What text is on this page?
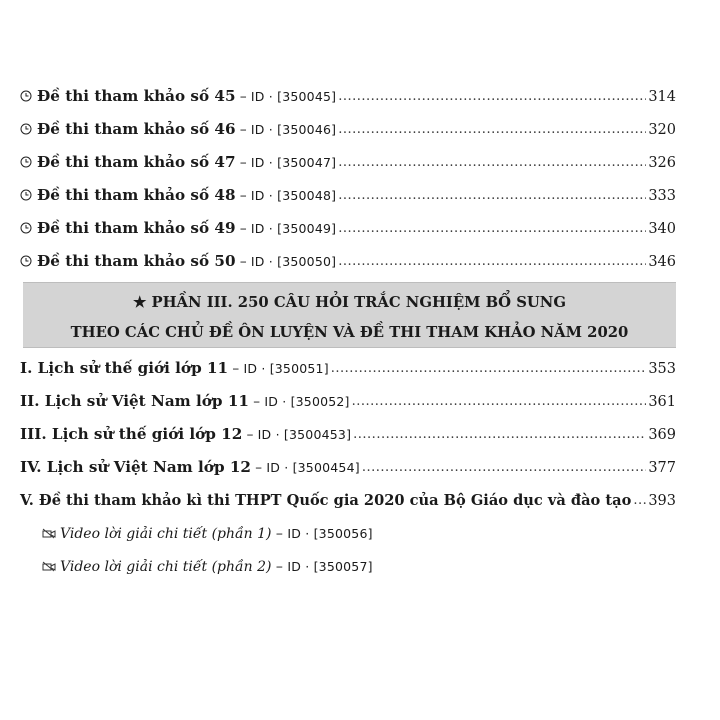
Đề thi tham khảo số 45 – ID · [350045] .....	314
Đề thi tham khảo số 46 – ID · [350046] .....	320
Đề thi tham khảo số 47 – ID · [350047] .....	326
Đề thi tham khảo số 48 – ID · [350048] .....	333
Đề thi tham khảo số 49 – ID · [350049] .....	340
Đề thi tham khảo số 50 – ID · [350050] .....	346
★ PHẦN III. 250 CÂU HỎI TRẮC NGHIỆM BỔ SUNG
THEO CÁC CHỦ ĐỀ ÔN LUYỆN VÀ ĐỀ THI THAM KHẢO NĂM 2020
I. Lịch sử thế giới lớp 11 – ID · [350051] .....	353
II. Lịch sử Việt Nam lớp 11 – ID · [350052] .....	361
III. Lịch sử thế giới lớp 12 – ID · [3500453] .....	369
IV. Lịch sử Việt Nam lớp 12 – ID · [3500454] .....	377
V. Đề thi tham khảo kì thi THPT Quốc gia 2020 của Bộ Giáo dục và đào tạo ..... 393
Video lời giải chi tiết (phần 1) – ID · [350056]
Video lời giải chi tiết (phần 2) – ID · [350057]
